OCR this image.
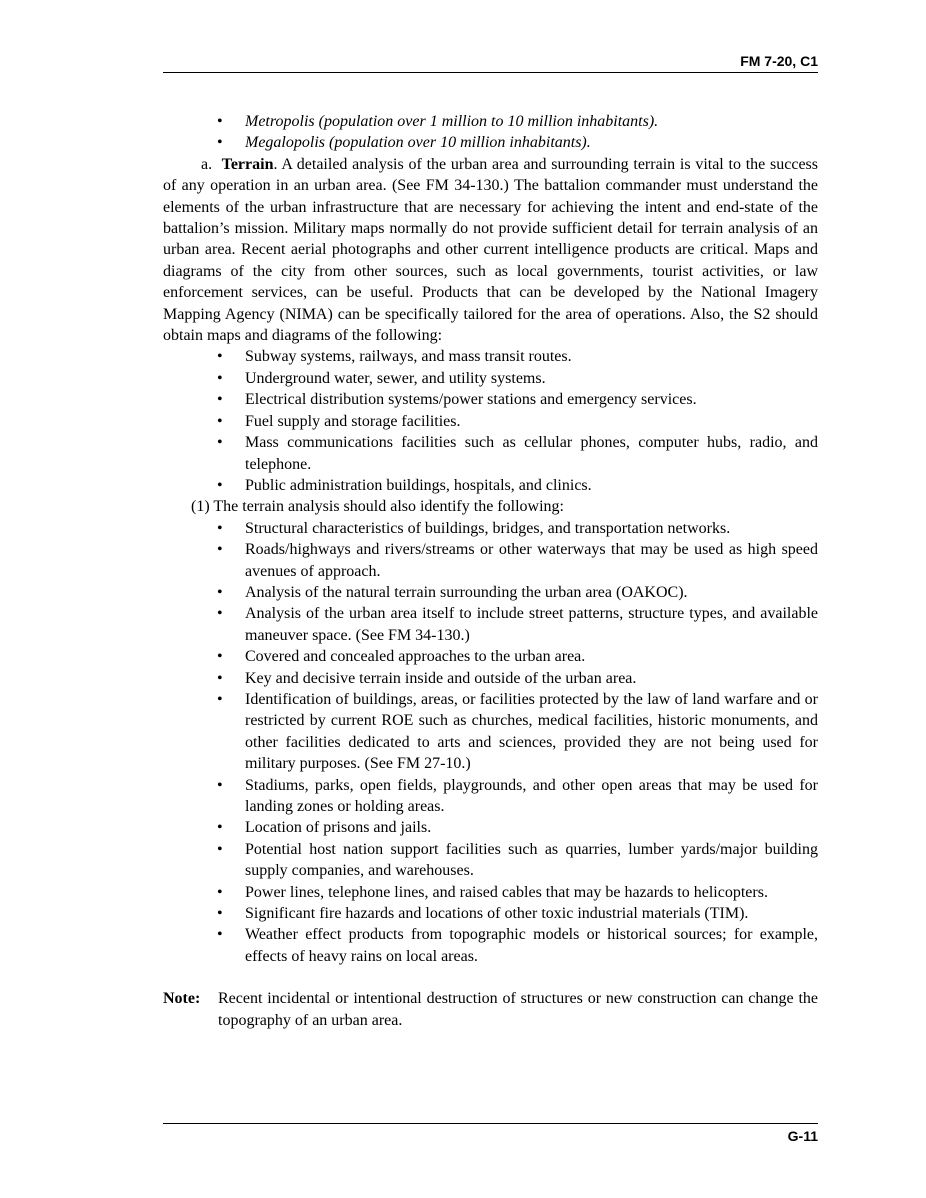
FM 7-20, C1
• Metropolis (population over 1 million to 10 million inhabitants).
• Megalopolis (population over 10 million inhabitants).

a. Terrain. A detailed analysis of the urban area and surrounding terrain is vital to the success of any operation in an urban area. (See FM 34-130.) The battalion commander must understand the elements of the urban infrastructure that are necessary for achieving the intent and end-state of the battalion’s mission. Military maps normally do not provide sufficient detail for terrain analysis of an urban area. Recent aerial photographs and other current intelligence products are critical. Maps and diagrams of the city from other sources, such as local governments, tourist activities, or law enforcement services, can be useful. Products that can be developed by the National Imagery Mapping Agency (NIMA) can be specifically tailored for the area of operations. Also, the S2 should obtain maps and diagrams of the following:

• Subway systems, railways, and mass transit routes.
• Underground water, sewer, and utility systems.
• Electrical distribution systems/power stations and emergency services.
• Fuel supply and storage facilities.
• Mass communications facilities such as cellular phones, computer hubs, radio, and telephone.
• Public administration buildings, hospitals, and clinics.

(1) The terrain analysis should also identify the following:

• Structural characteristics of buildings, bridges, and transportation networks.
• Roads/highways and rivers/streams or other waterways that may be used as high speed avenues of approach.
• Analysis of the natural terrain surrounding the urban area (OAKOC).
• Analysis of the urban area itself to include street patterns, structure types, and available maneuver space. (See FM 34-130.)
• Covered and concealed approaches to the urban area.
• Key and decisive terrain inside and outside of the urban area.
• Identification of buildings, areas, or facilities protected by the law of land warfare and or restricted by current ROE such as churches, medical facilities, historic monuments, and other facilities dedicated to arts and sciences, provided they are not being used for military purposes. (See FM 27-10.)
• Stadiums, parks, open fields, playgrounds, and other open areas that may be used for landing zones or holding areas.
• Location of prisons and jails.
• Potential host nation support facilities such as quarries, lumber yards/major building supply companies, and warehouses.
• Power lines, telephone lines, and raised cables that may be hazards to helicopters.
• Significant fire hazards and locations of other toxic industrial materials (TIM).
• Weather effect products from topographic models or historical sources; for example, effects of heavy rains on local areas.
Note:	Recent incidental or intentional destruction of structures or new construction can change the topography of an urban area.
G-11
